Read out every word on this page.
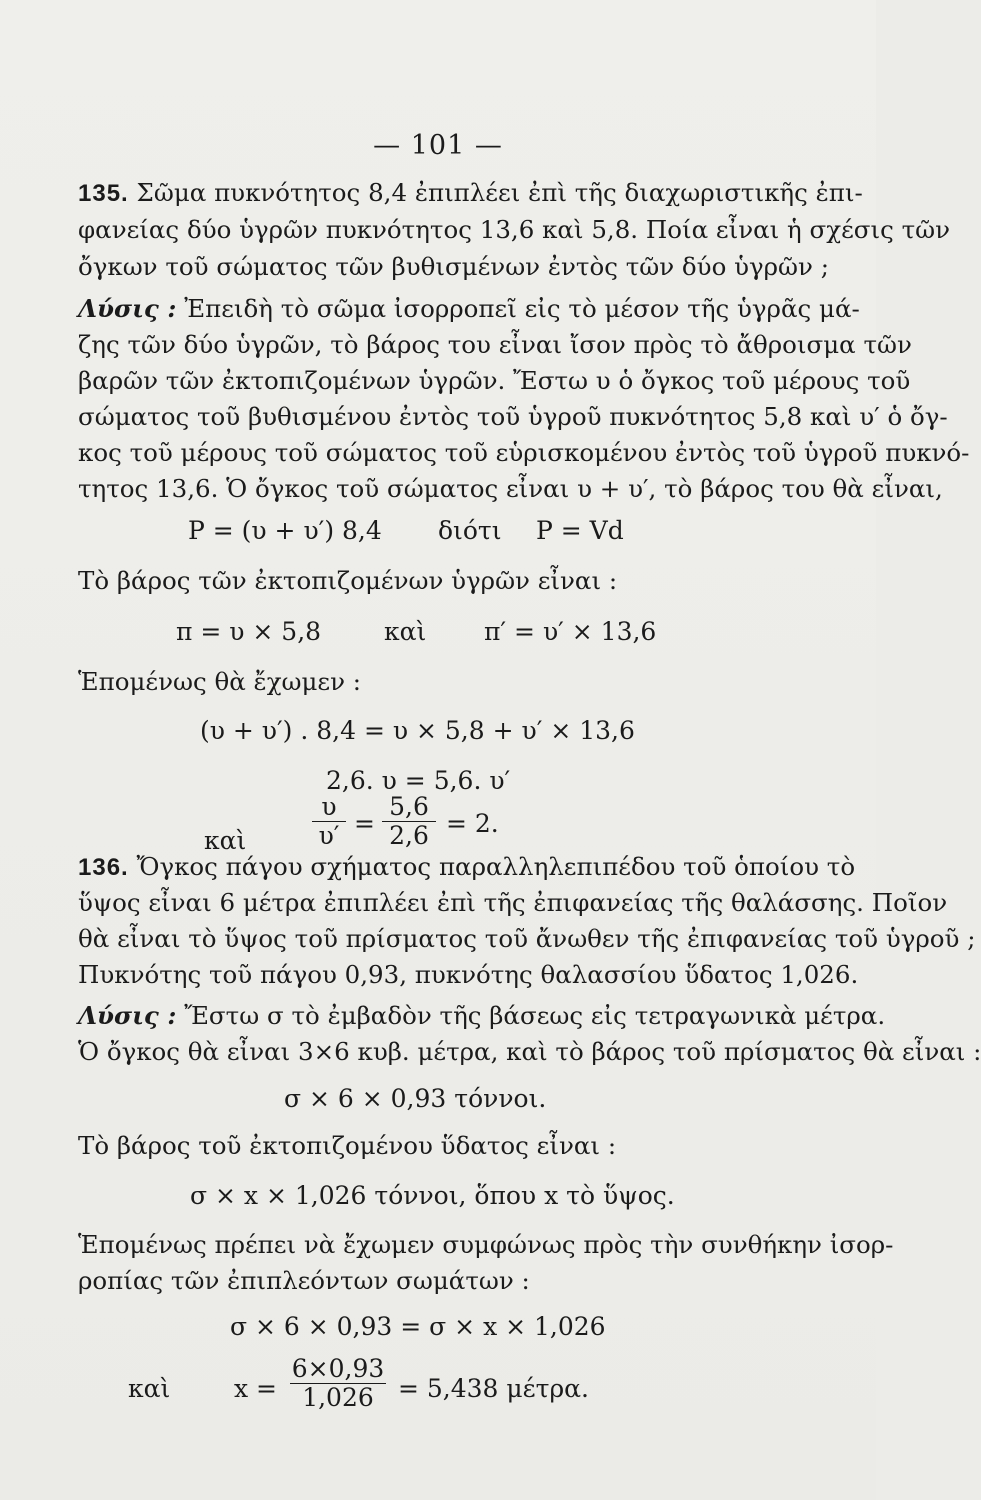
— 101 —
135. Σῶμα πυκνότητος 8,4 ἐπιπλέει ἐπὶ τῆς διαχωριστικῆς ἐπι-
φανείας δύο ὑγρῶν πυκνότητος 13,6 καὶ 5,8. Ποία εἶναι ἡ σχέσις τῶν
ὄγκων τοῦ σώματος τῶν βυθισμένων ἐντὸς τῶν δύο ὑγρῶν ;
Λύσις : Ἐπειδὴ τὸ σῶμα ἰσορροπεῖ εἰς τὸ μέσον τῆς ὑγρᾶς μά-
ζης τῶν δύο ὑγρῶν, τὸ βάρος του εἶναι ἴσον πρὸς τὸ ἄθροισμα τῶν
βαρῶν τῶν ἐκτοπιζομένων ὑγρῶν. Ἔστω υ ὁ ὄγκος τοῦ μέρους τοῦ
σώματος τοῦ βυθισμένου ἐντὸς τοῦ ὑγροῦ πυκνότητος 5,8 καὶ υ′ ὁ ὄγ-
κος τοῦ μέρους τοῦ σώματος τοῦ εὑρισκομένου ἐντὸς τοῦ ὑγροῦ πυκνό-
τητος 13,6. Ὁ ὄγκος τοῦ σώματος εἶναι υ + υ′, τὸ βάρος του θὰ εἶναι,
P = (υ + υ′) 8,4 διότι P = Vd
Τὸ βάρος τῶν ἐκτοπιζομένων ὑγρῶν εἶναι :
π = υ × 5,8	καὶ π′ = υ′ × 13,6
Ἑπομένως θὰ ἔχωμεν :
(υ + υ′) . 8,4 = υ × 5,8 + υ′ × 13,6
2,6. υ = 5,6. υ′
καὶ
υ
υ′ =
5,6
2,6 = 2.
136. Ὄγκος πάγου σχήματος παραλληλεπιπέδου τοῦ ὁποίου τὸ
ὕψος εἶναι 6 μέτρα ἐπιπλέει ἐπὶ τῆς ἐπιφανείας τῆς θαλάσσης. Ποῖον
θὰ εἶναι τὸ ὕψος τοῦ πρίσματος τοῦ ἄνωθεν τῆς ἐπιφανείας τοῦ ὑγροῦ ;
Πυκνότης τοῦ πάγου 0,93, πυκνότης θαλασσίου ὕδατος 1,026.
Λύσις : Ἔστω σ τὸ ἐμβαδὸν τῆς βάσεως εἰς τετραγωνικὰ μέτρα.
Ὁ ὄγκος θὰ εἶναι 3×6 κυβ. μέτρα, καὶ τὸ βάρος τοῦ πρίσματος θὰ εἶναι :
σ × 6 × 0,93 τόννοι.
Τὸ βάρος τοῦ ἐκτοπιζομένου ὕδατος εἶναι :
σ × x × 1,026 τόννοι, ὅπου x τὸ ὕψος.
Ἑπομένως πρέπει νὰ ἔχωμεν συμφώνως πρὸς τὴν συνθήκην ἰσορ-
ροπίας τῶν ἐπιπλεόντων σωμάτων :
σ × 6 × 0,93 = σ × x × 1,026
καὶ	x =
6×0,93
1,026 = 5,438 μέτρα.
